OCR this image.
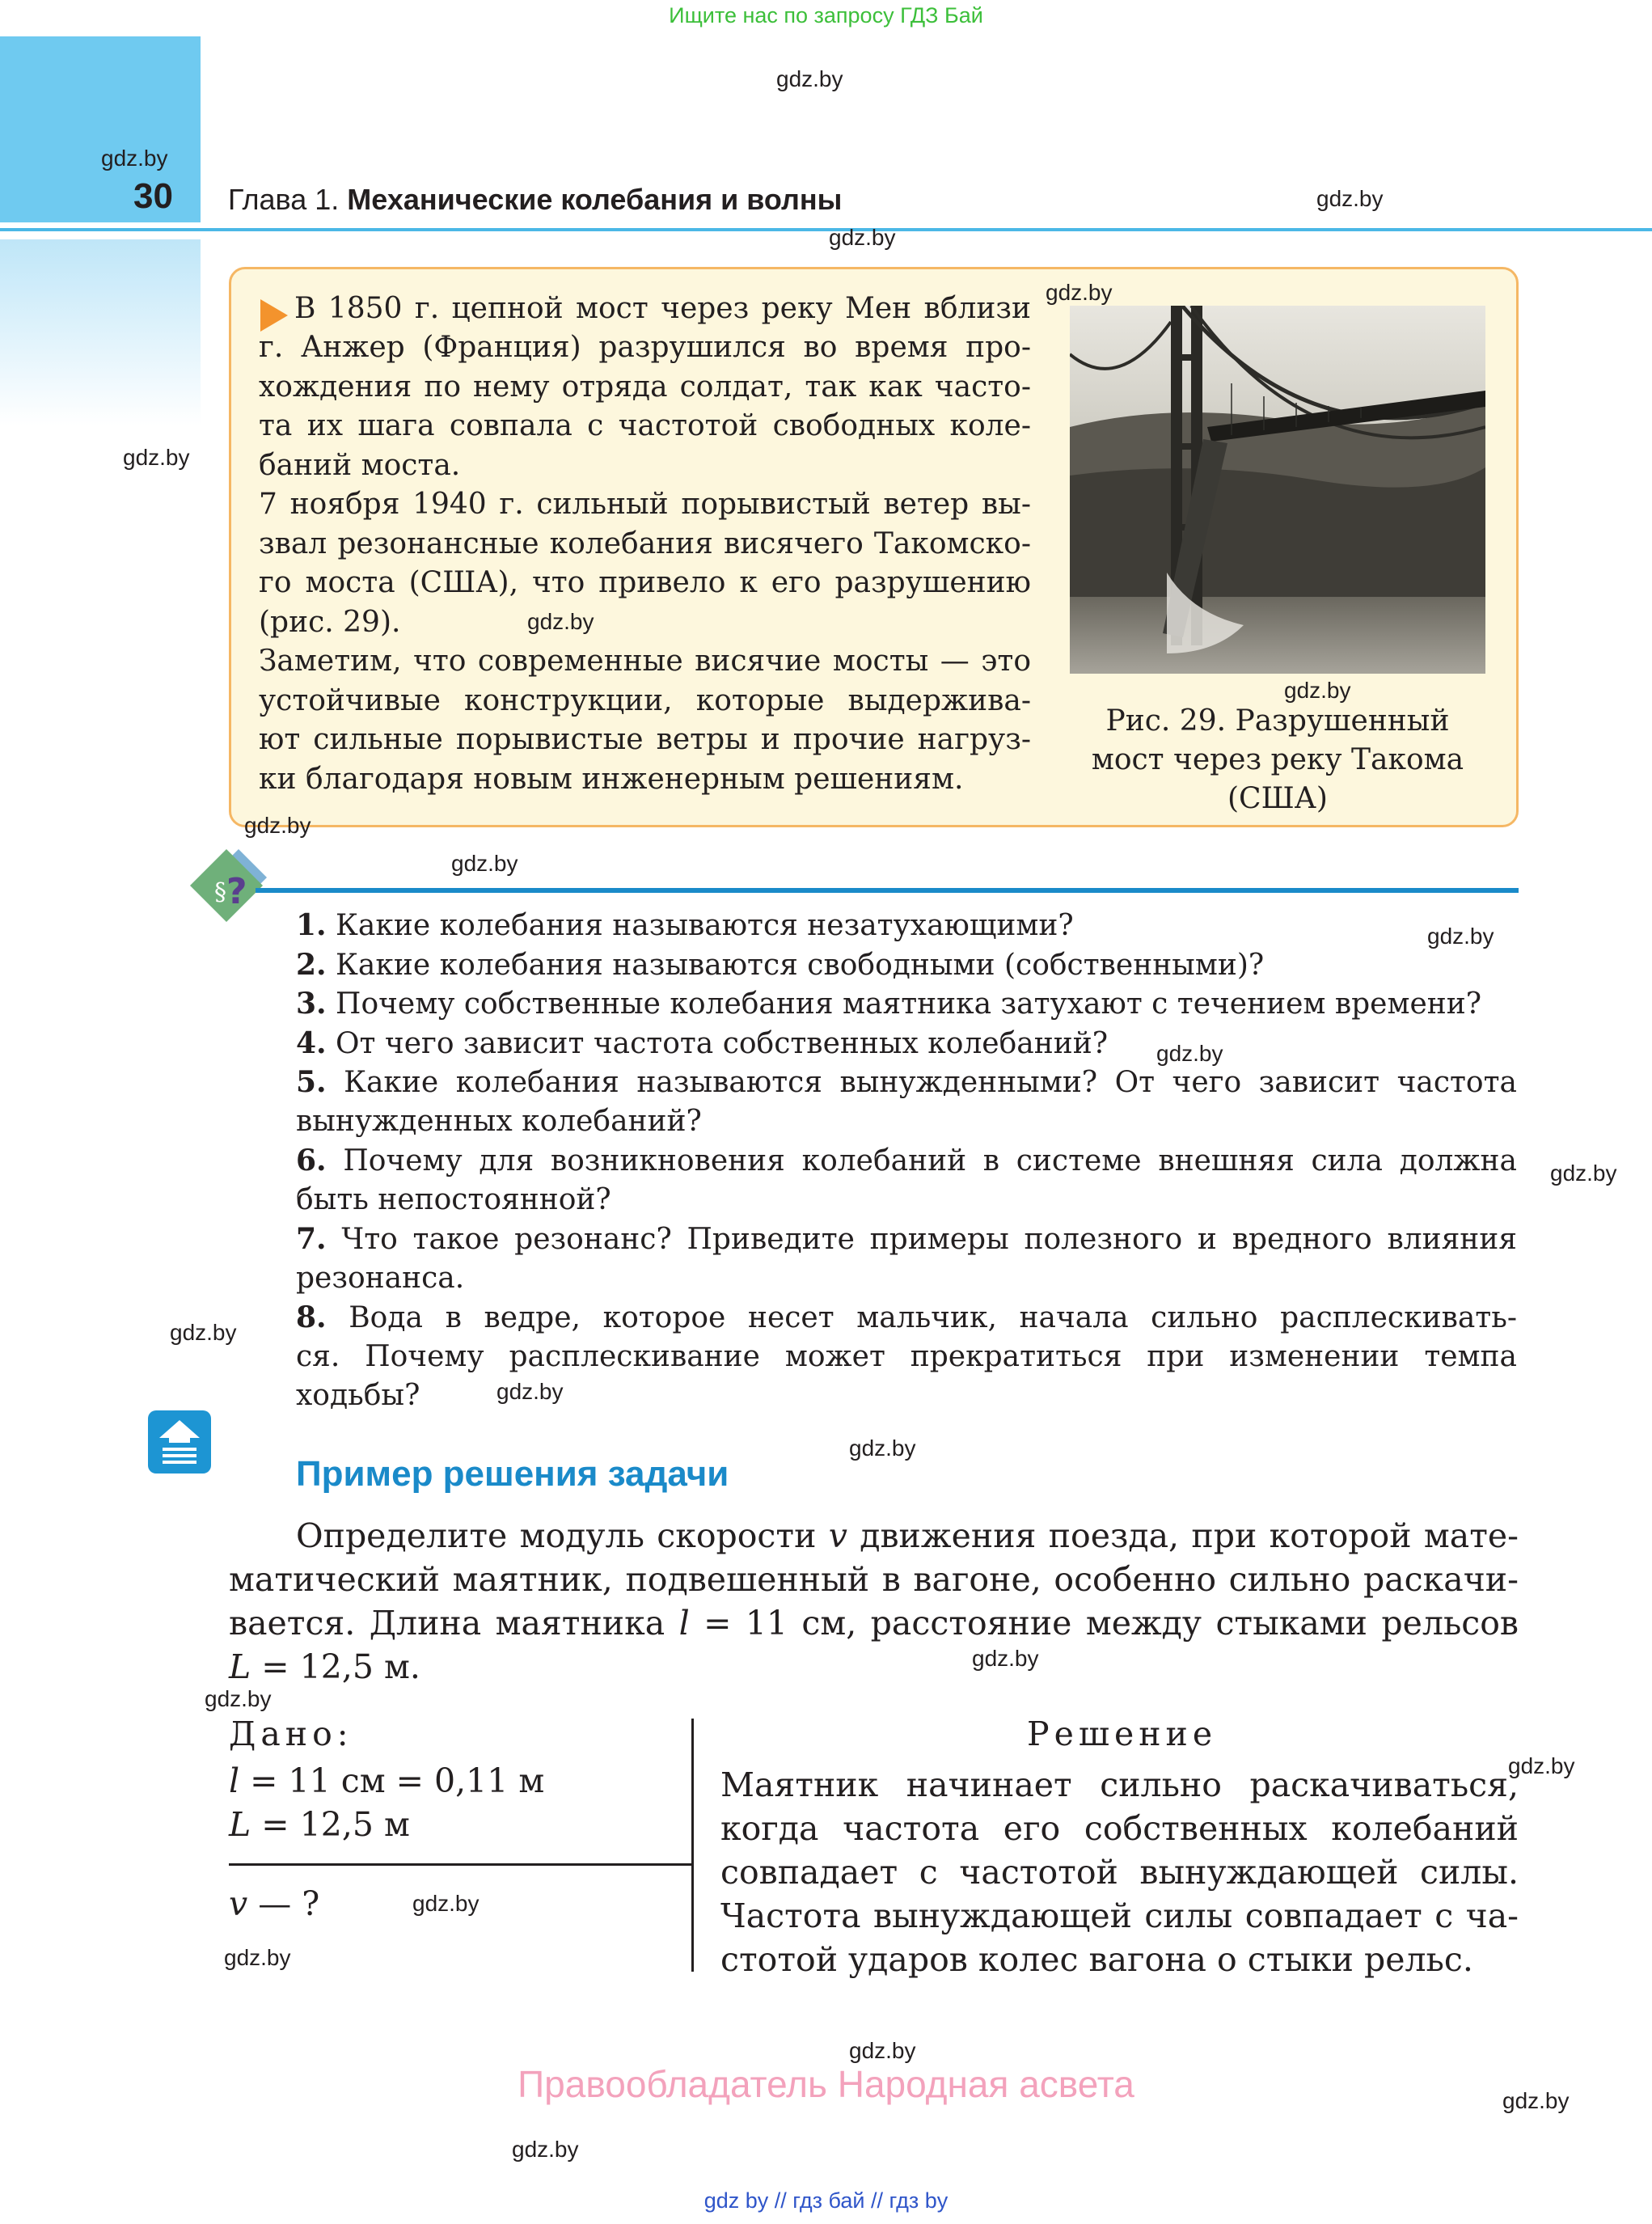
Ищите нас по запросу ГДЗ Бай
30 Глава 1. Механические колебания и волны
В 1850 г. цепной мост через реку Мен вблизи
г. Анжер (Франция) разрушился во время про-
хождения по нему отряда солдат, так как часто-
та их шага совпала с частотой свободных коле-
баний моста.
7 ноября 1940 г. сильный порывистый ветер вы-
звал резонансные колебания висячего Такомско-
го моста (США), что привело к его разрушению
(рис. 29).
Заметим, что современные висячие мосты — это
устойчивые конструкции, которые выдерживa-
ют сильные порывистые ветры и прочие нагруз-
ки благодаря новым инженерным решениям.
Рис. 29. Разрушенный
мост через реку Такома
(США)
§ ?
1. Какие колебания называются незатухающими?
2. Какие колебания называются свободными (собственными)?
3. Почему собственные колебания маятника затухают с течением времени?
4. От чего зависит частота собственных колебаний?
5. Какие колебания называются вынужденными? От чего зависит частота
вынужденных колебаний?
6. Почему для возникновения колебаний в системе внешняя сила должна
быть непостоянной?
7. Что такое резонанс? Приведите примеры полезного и вредного влияния
резонанса.
8. Вода в ведре, которое несет мальчик, начала сильно расплескивать-
ся. Почему расплескивание может прекратиться при изменении темпа
ходьбы?
Пример решения задачи
Определите модуль скорости v движения поезда, при которой мате-
матический маятник, подвешенный в вагоне, особенно сильно раскачи-
вается. Длина маятника l = 11 см, расстояние между стыками рельсов
L = 12,5 м.
Дано:
l = 11 см = 0,11 м
L = 12,5 м
v — ?
Решение
Маятник начинает сильно раскачиваться,
когда частота его собственных колебаний
совпадает с частотой вынуждающей силы.
Частота вынуждающей силы совпадает с ча-
стотой ударов колес вагона о стыки рельс.
Правообладатель Народная асвета
gdz by // гдз бай // гдз by
gdz.by
gdz.by
gdz.by
gdz.by
gdz.by
gdz.by
gdz.by
gdz.by
gdz.by
gdz.by
gdz.by
gdz.by
gdz.by
gdz.by
gdz.by
gdz.by
gdz.by
gdz.by
gdz.by
gdz.by
gdz.by
gdz.by
gdz.by
gdz.by
